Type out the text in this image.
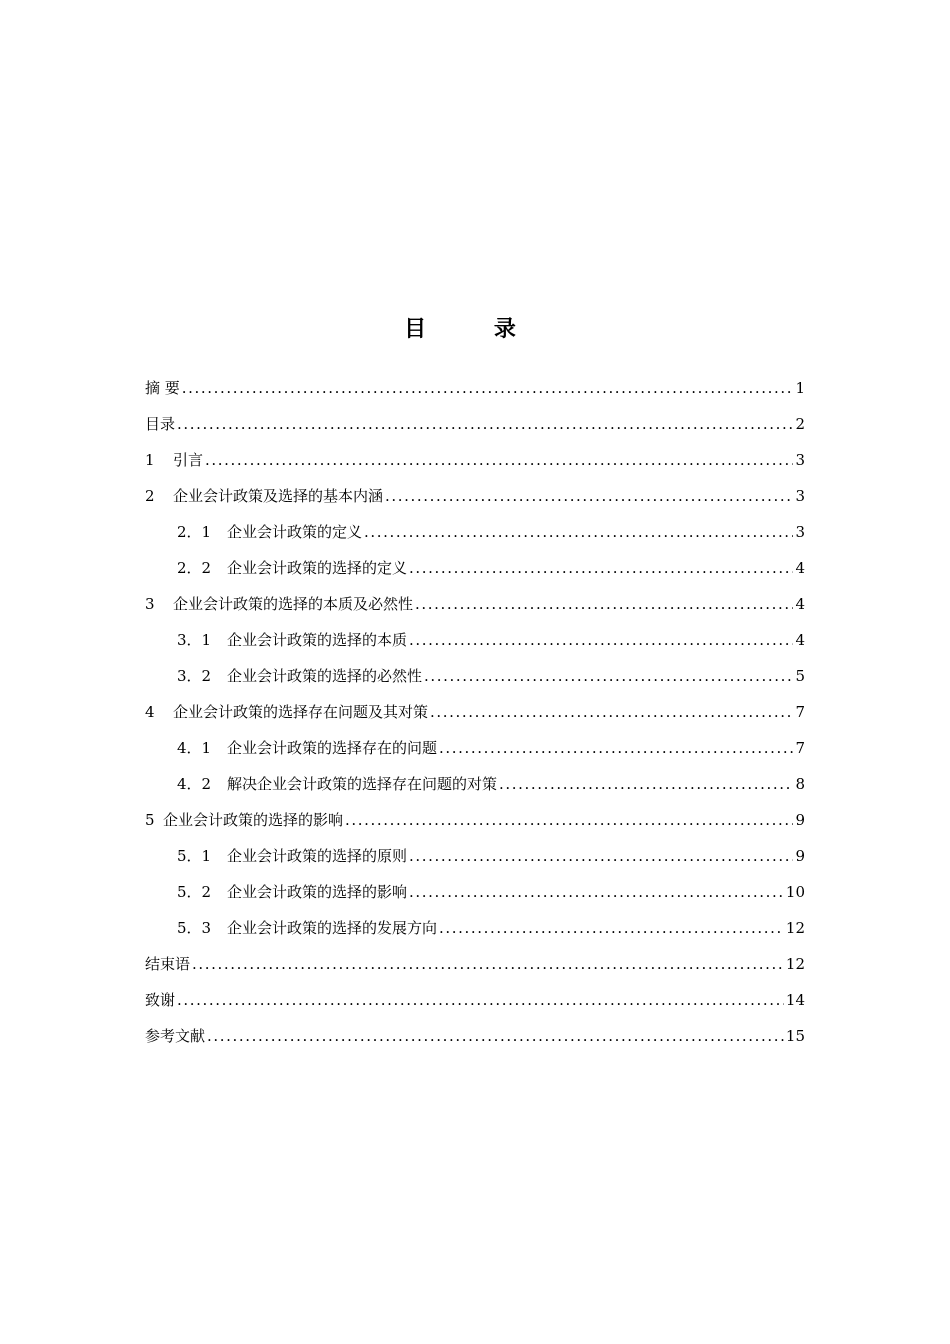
目 录
摘 要 .....	1
目录 .....	2
1	引言 .....	3
2	企业会计政策及选择的基本内涵 .....	3
2．1	企业会计政策的定义 .....	3
2．2	企业会计政策的选择的定义 .....	4
3	企业会计政策的选择的本质及必然性 .....	4
3．1	企业会计政策的选择的本质 .....	4
3．2	企业会计政策的选择的必然性 .....	5
4	企业会计政策的选择存在问题及其对策 .....	7
4．1	企业会计政策的选择存在的问题 .....	7
4．2	解决企业会计政策的选择存在问题的对策 .....	8
5 企业会计政策的选择的影响 .....	9
5．1	企业会计政策的选择的原则 .....	9
5．2	企业会计政策的选择的影响 .....	10
5．3	企业会计政策的选择的发展方向 .....	12
结束语 .....	12
致谢 .....	14
参考文献 .....	15
